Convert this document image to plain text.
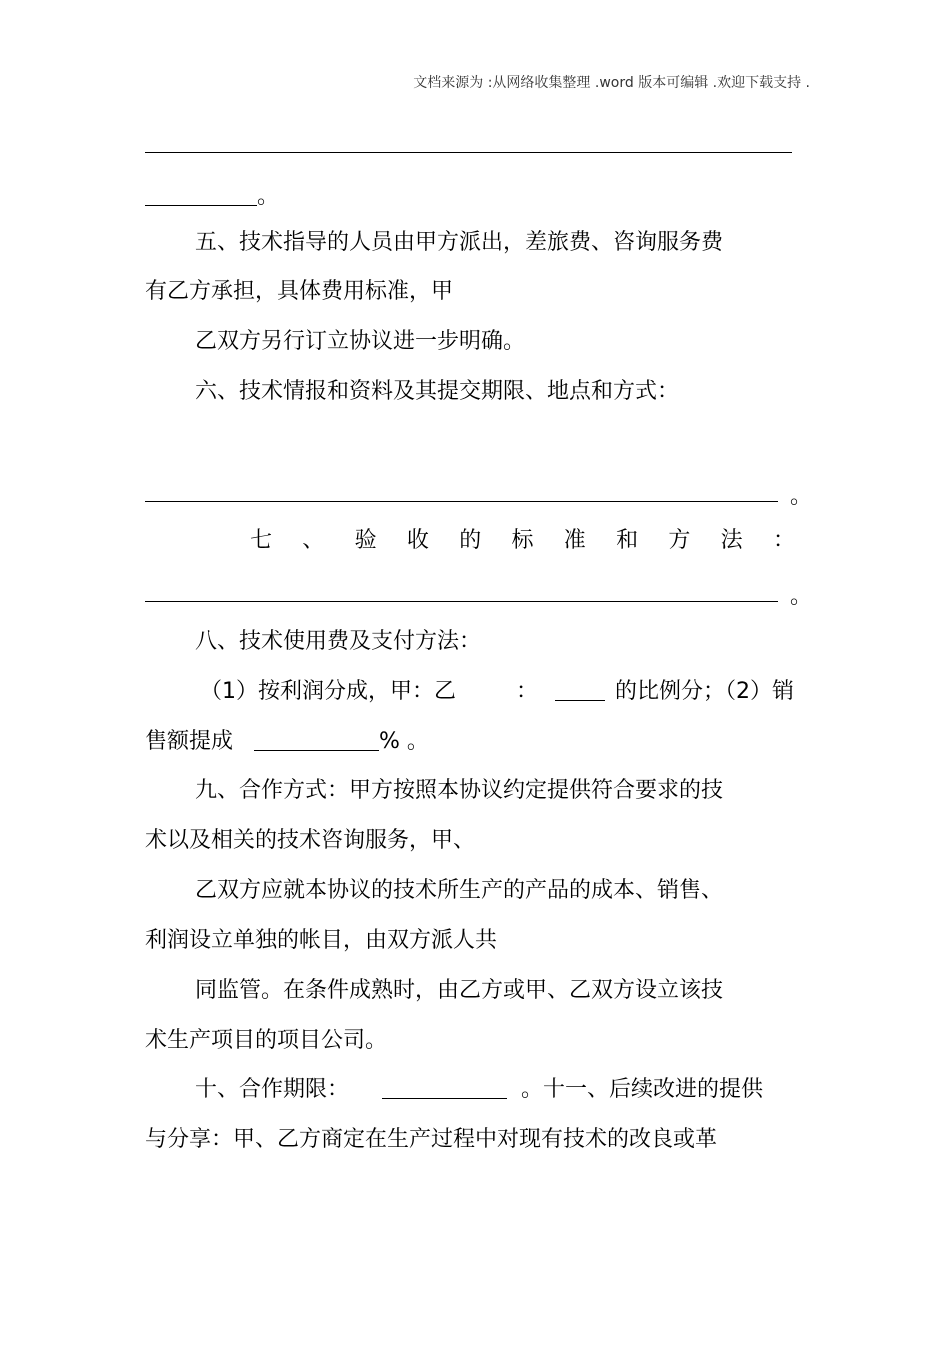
文档来源为 :从网络收集整理 .word 版本可编辑 .欢迎下载支持 .
。
五、技术指导的人员由甲方派出，差旅费、咨询服务费
有乙方承担，具体费用标准，甲
乙双方另行订立协议进一步明确。
六、技术情报和资料及其提交期限、地点和方式：
。
七 、 验 收 的 标 准 和 方 法 ：
。
八、技术使用费及支付方法：
（1）按利润分成，甲：乙	：	的比例分；（2）销
售额提成	% 。
九、合作方式：甲方按照本协议约定提供符合要求的技
术以及相关的技术咨询服务，甲、
乙双方应就本协议的技术所生产的产品的成本、销售、
利润设立单独的帐目，由双方派人共
同监管。在条件成熟时，由乙方或甲、乙双方设立该技
术生产项目的项目公司。
十、合作期限：	。十一、后续改进的提供
与分享：甲、乙方商定在生产过程中对现有技术的改良或革
